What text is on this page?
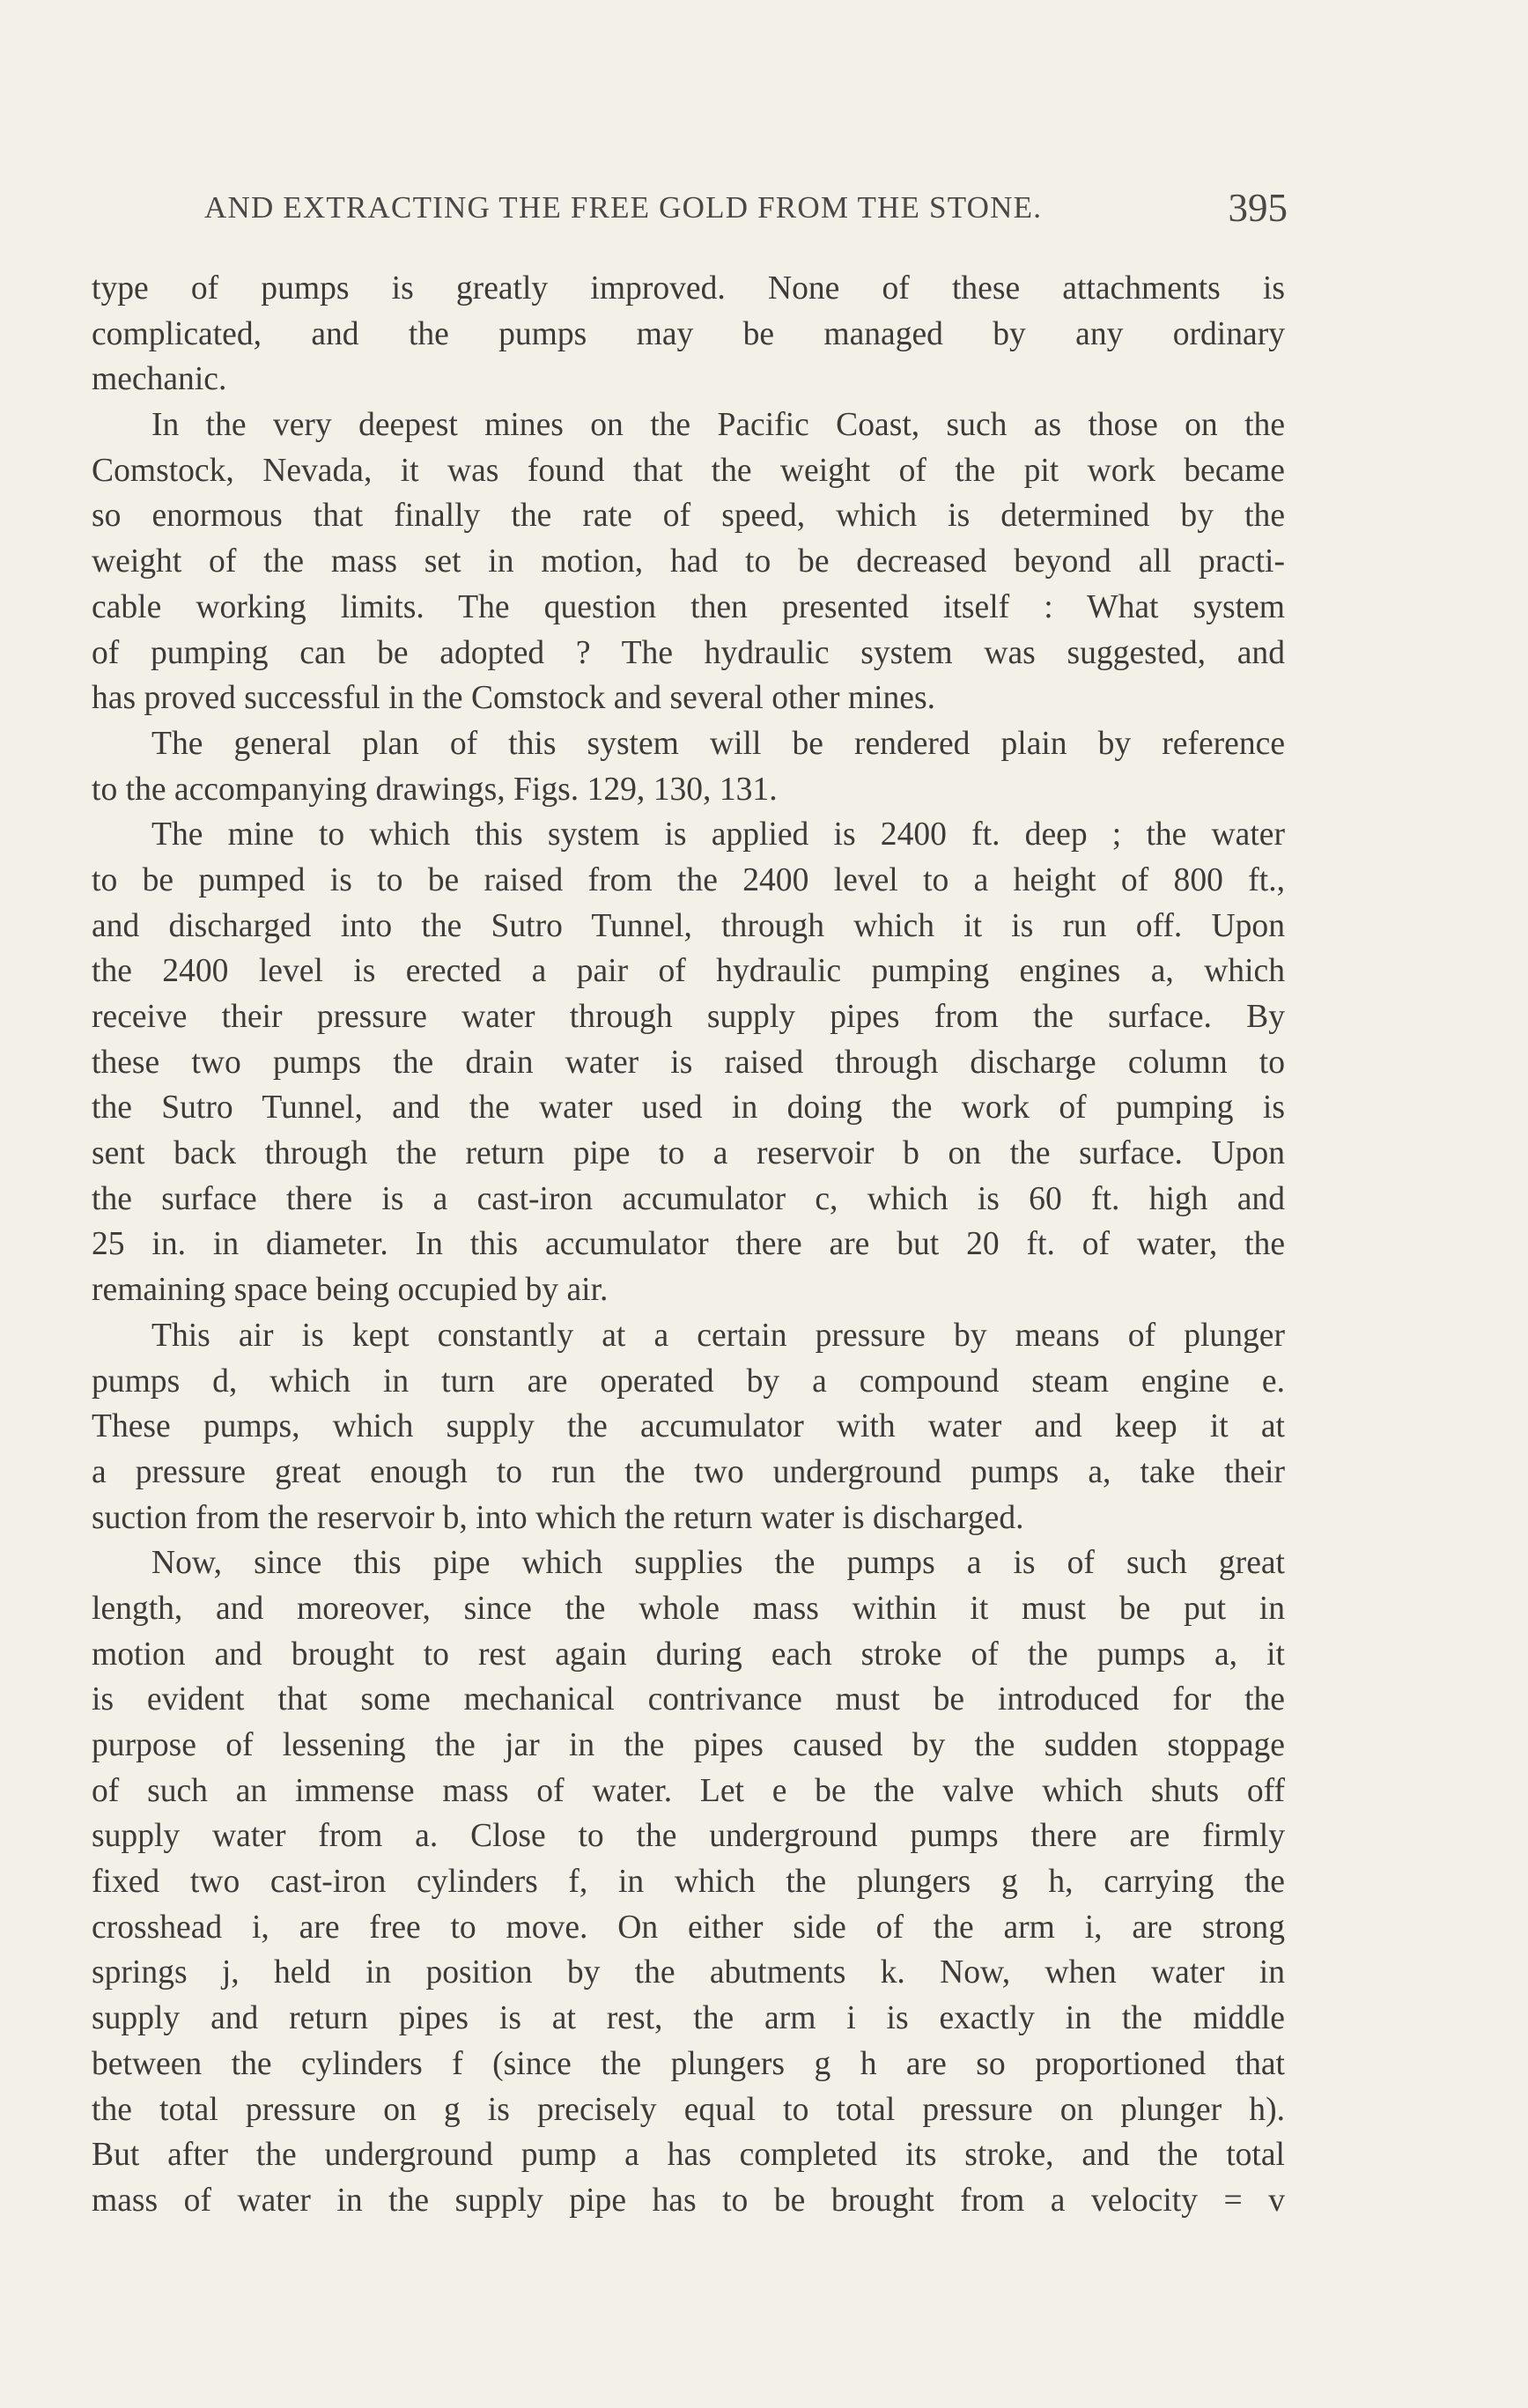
AND EXTRACTING THE FREE GOLD FROM THE STONE.	395
type of pumps is greatly improved. None of these attachments is
complicated, and the pumps may be managed by any ordinary
mechanic.
In the very deepest mines on the Pacific Coast, such as those on the
Comstock, Nevada, it was found that the weight of the pit work became
so enormous that finally the rate of speed, which is determined by the
weight of the mass set in motion, had to be decreased beyond all practi-
cable working limits. The question then presented itself : What system
of pumping can be adopted ? The hydraulic system was suggested, and
has proved successful in the Comstock and several other mines.
The general plan of this system will be rendered plain by reference
to the accompanying drawings, Figs. 129, 130, 131.
The mine to which this system is applied is 2400 ft. deep ; the water
to be pumped is to be raised from the 2400 level to a height of 800 ft.,
and discharged into the Sutro Tunnel, through which it is run off. Upon
the 2400 level is erected a pair of hydraulic pumping engines a, which
receive their pressure water through supply pipes from the surface. By
these two pumps the drain water is raised through discharge column to
the Sutro Tunnel, and the water used in doing the work of pumping is
sent back through the return pipe to a reservoir b on the surface. Upon
the surface there is a cast-iron accumulator c, which is 60 ft. high and
25 in. in diameter. In this accumulator there are but 20 ft. of water, the
remaining space being occupied by air.
This air is kept constantly at a certain pressure by means of plunger
pumps d, which in turn are operated by a compound steam engine e.
These pumps, which supply the accumulator with water and keep it at
a pressure great enough to run the two underground pumps a, take their
suction from the reservoir b, into which the return water is discharged.
Now, since this pipe which supplies the pumps a is of such great
length, and moreover, since the whole mass within it must be put in
motion and brought to rest again during each stroke of the pumps a, it
is evident that some mechanical contrivance must be introduced for the
purpose of lessening the jar in the pipes caused by the sudden stoppage
of such an immense mass of water. Let e be the valve which shuts off
supply water from a. Close to the underground pumps there are firmly
fixed two cast-iron cylinders f, in which the plungers g h, carrying the
crosshead i, are free to move. On either side of the arm i, are strong
springs j, held in position by the abutments k. Now, when water in
supply and return pipes is at rest, the arm i is exactly in the middle
between the cylinders f (since the plungers g h are so proportioned that
the total pressure on g is precisely equal to total pressure on plunger h).
But after the underground pump a has completed its stroke, and the total
mass of water in the supply pipe has to be brought from a velocity = v
